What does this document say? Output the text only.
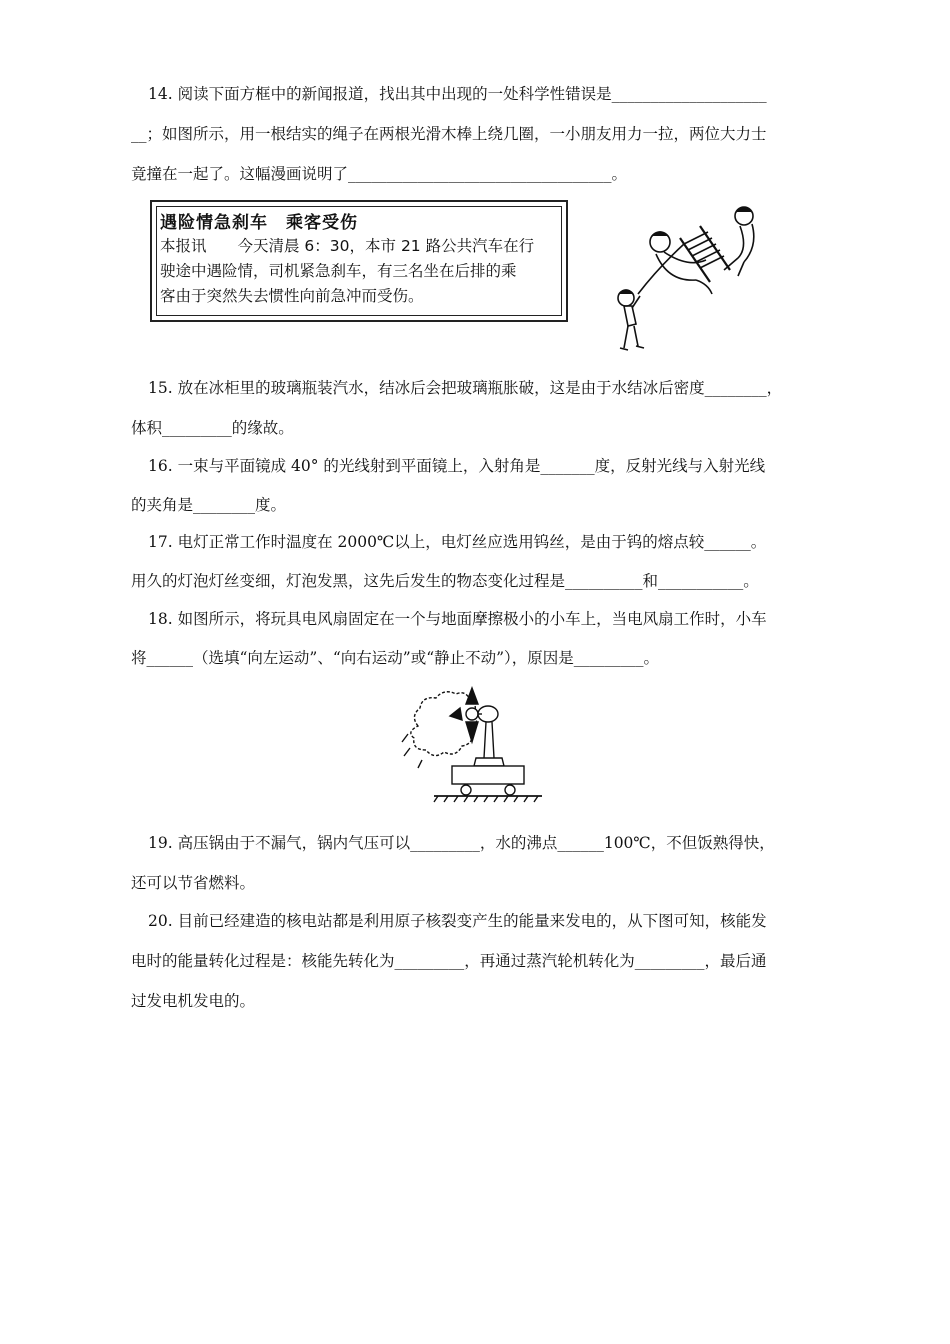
14. 阅读下面方框中的新闻报道，找出其中出现的一处科学性错误是____________________
__；如图所示，用一根结实的绳子在两根光滑木棒上绕几圈，一小朋友用力一拉，两位大力士
竟撞在一起了。这幅漫画说明了__________________________________。
遇险情急刹车　乘客受伤
本报讯　　今天清晨 6：30，本市 21 路公共汽车在行
驶途中遇险情，司机紧急刹车，有三名坐在后排的乘
客由于突然失去惯性向前急冲而受伤。
15. 放在冰柜里的玻璃瓶装汽水，结冰后会把玻璃瓶胀破，这是由于水结冰后密度________，
体积_________的缘故。
16. 一束与平面镜成 40° 的光线射到平面镜上，入射角是_______度，反射光线与入射光线
的夹角是________度。
17. 电灯正常工作时温度在 2000℃以上，电灯丝应选用钨丝，是由于钨的熔点较______。
用久的灯泡灯丝变细，灯泡发黑，这先后发生的物态变化过程是__________和___________。
18. 如图所示，将玩具电风扇固定在一个与地面摩擦极小的小车上，当电风扇工作时，小车
将______（选填“向左运动”、“向右运动”或“静止不动”），原因是_________。
19. 高压锅由于不漏气，锅内气压可以_________，水的沸点______100℃，不但饭熟得快，
还可以节省燃料。
20. 目前已经建造的核电站都是利用原子核裂变产生的能量来发电的，从下图可知，核能发
电时的能量转化过程是：核能先转化为_________，再通过蒸汽轮机转化为_________，最后通
过发电机发电的。
